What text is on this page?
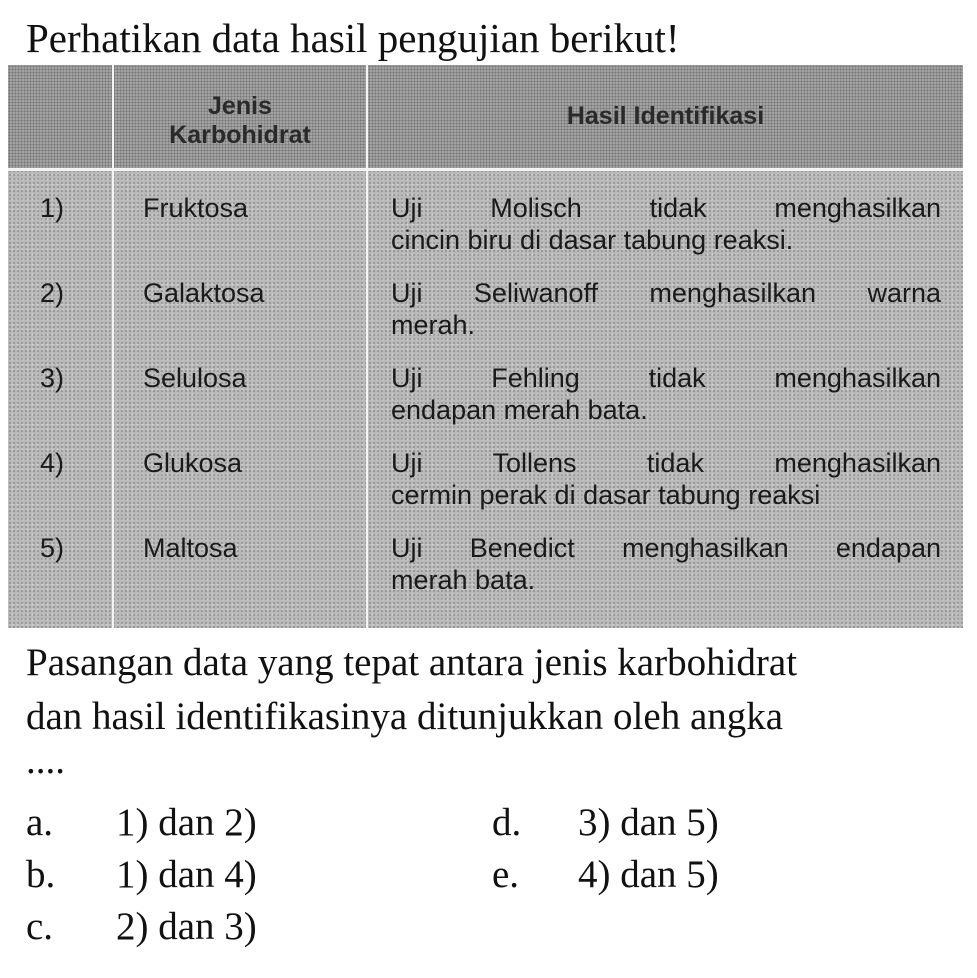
Perhatikan data hasil pengujian berikut!
Jenis Karbohidrat
Hasil Identifikasi
1)	Fruktosa	Uji Molisch tidak menghasilkan
cincin biru di dasar tabung reaksi.
2)	Galaktosa	Uji Seliwanoff menghasilkan warna
merah.
3)	Selulosa	Uji Fehling tidak menghasilkan
endapan merah bata.
4)	Glukosa	Uji Tollens tidak menghasilkan
cermin perak di dasar tabung reaksi
5)	Maltosa	Uji Benedict menghasilkan endapan
merah bata.
Pasangan data yang tepat antara jenis karbohidrat
dan hasil identifikasinya ditunjukkan oleh angka
....
a. 1) dan 2)
b. 1) dan 4)
c. 2) dan 3)
d. 3) dan 5)
e. 4) dan 5)
